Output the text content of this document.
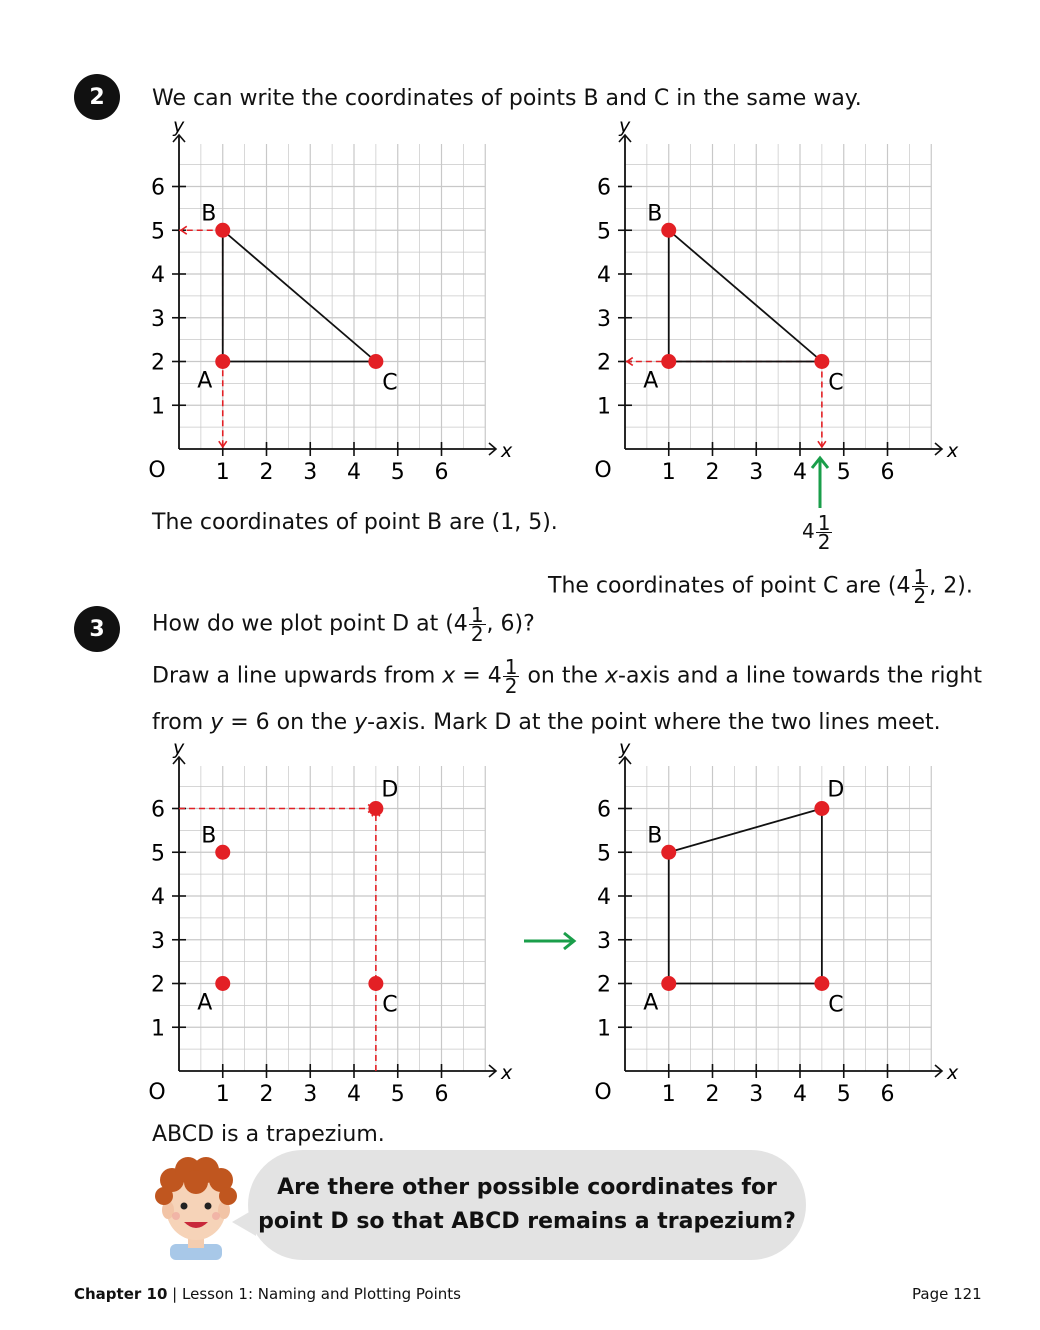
2 We can write the coordinates of points B and C in the same way.
x
y
O 1
1
2
2
3
3
4
4
5
5
6
6
A
B
C
x
y
O 1
1
2
2
3
3
4
4
5
5
6
6
A
B
C
The coordinates of point B are (1, 5).	$4 \frac{1}{2}$
The coordinates of point C are ($4 \frac{1}{2}$ , 2).
3 How do we plot point D at ($4 \frac{1}{2}$ , 6)?
Draw a line upwards from $x = 4 \frac{1}{2}$ on the x-axis and a line towards the right
from y = 6 on the y-axis. Mark D at the point where the two lines meet.
x
y
O 1
1
2
2
3
3
4
4
5
5
6
6
A
B
C
D
x
y
O 1
1
2
2
3
3
4
4
5
5
6
6
A
B
C
D
ABCD is a trapezium.
Are there other possible coordinates for
point D so that ABCD remains a trapezium?
Chapter 10 | Lesson 1: Naming and Plotting Points	Page 121
